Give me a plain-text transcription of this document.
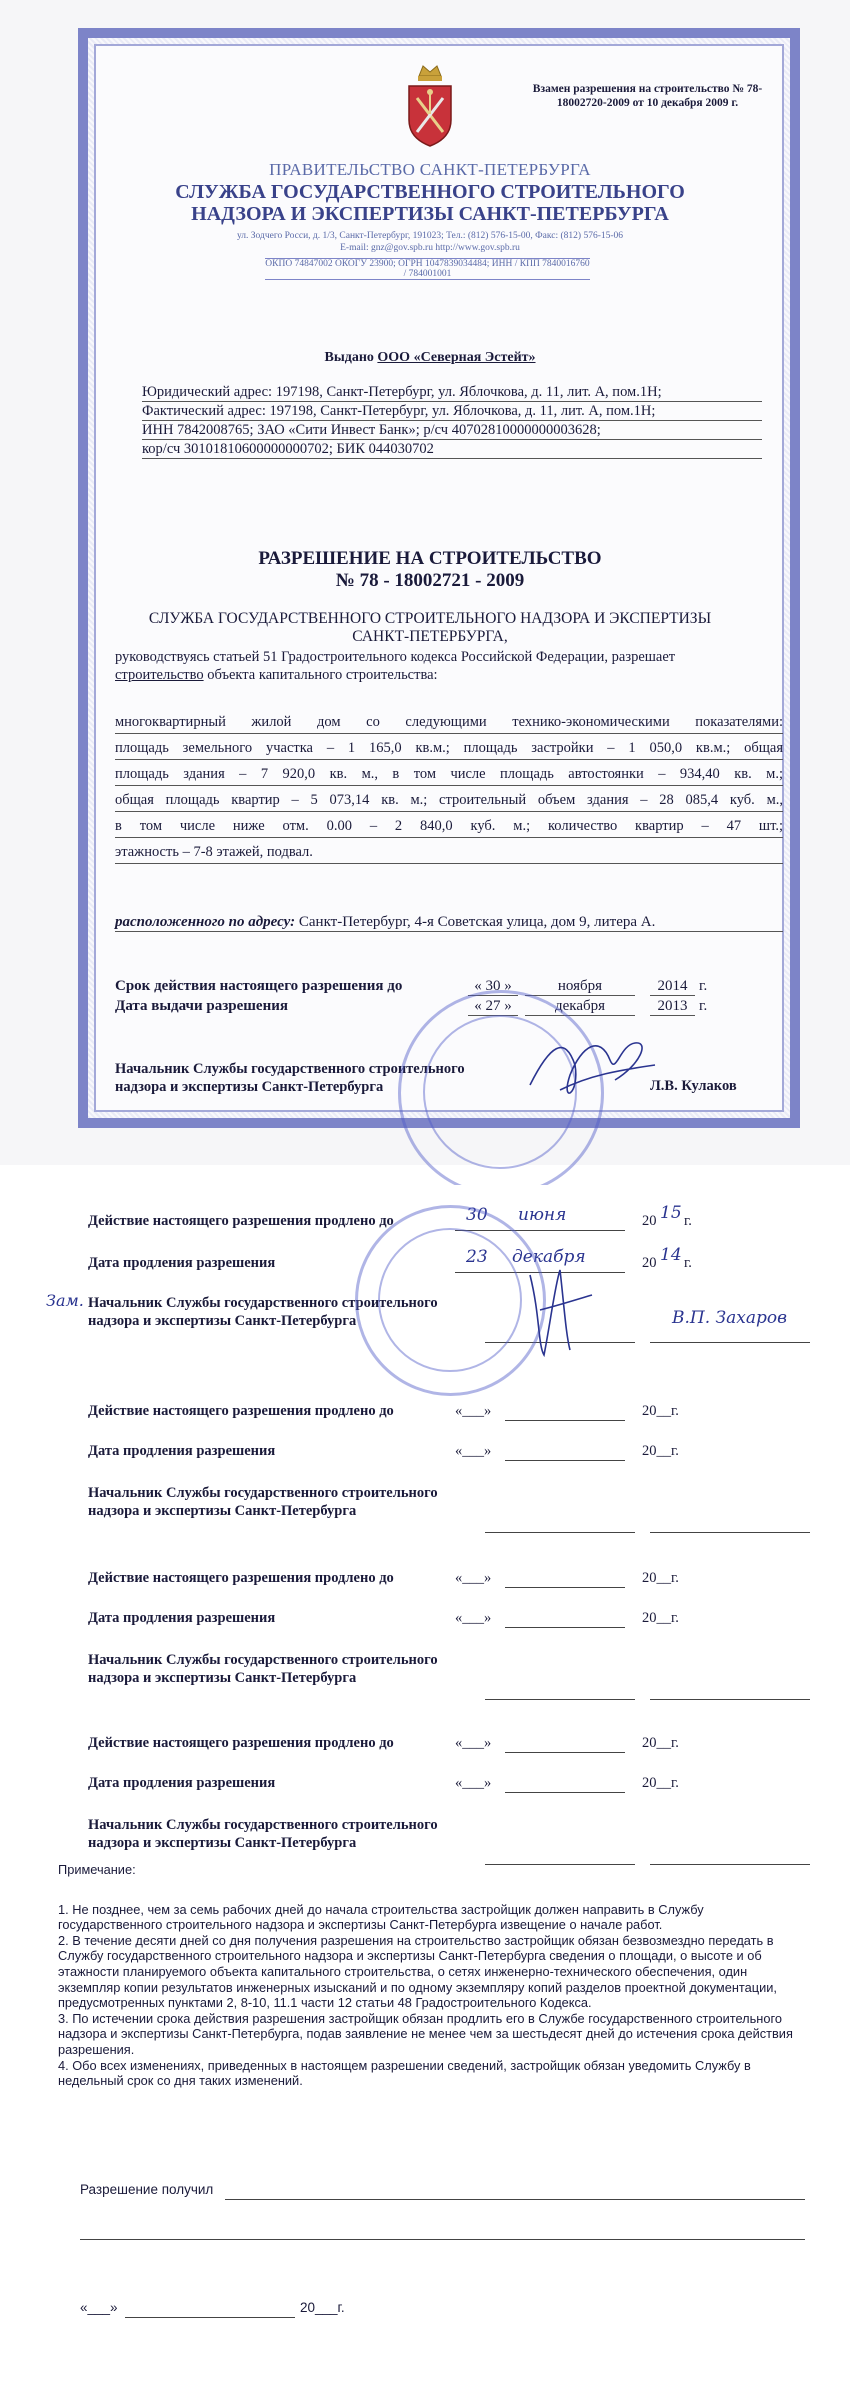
Взамен разрешения на строительство № 78-18002720-2009 от 10 декабря 2009 г.
ПРАВИТЕЛЬСТВО САНКТ-ПЕТЕРБУРГА
СЛУЖБА ГОСУДАРСТВЕННОГО СТРОИТЕЛЬНОГО
НАДЗОРА И ЭКСПЕРТИЗЫ САНКТ-ПЕТЕРБУРГА
ул. Зодчего Росси, д. 1/3, Санкт-Петербург, 191023; Тел.: (812) 576-15-00, Факс: (812) 576-15-06
E-mail: gnz@gov.spb.ru http://www.gov.spb.ru
ОКПО 74847002 ОКОГУ 23900; ОГРН 1047839034484; ИНН / КПП 7840016760 / 784001001
Выдано ООО «Северная Эстейт»
Юридический адрес: 197198, Санкт-Петербург, ул. Яблочкова, д. 11, лит. А, пом.1Н;
Фактический адрес: 197198, Санкт-Петербург, ул. Яблочкова, д. 11, лит. А, пом.1Н;
ИНН 7842008765; ЗАО «Сити Инвест Банк»; р/сч 40702810000000003628;
кор/сч 30101810600000000702; БИК 044030702
РАЗРЕШЕНИЕ НА СТРОИТЕЛЬСТВО
№ 78 - 18002721 - 2009
СЛУЖБА ГОСУДАРСТВЕННОГО СТРОИТЕЛЬНОГО НАДЗОРА И ЭКСПЕРТИЗЫ
САНКТ-ПЕТЕРБУРГА,
руководствуясь статьей 51 Градостроительного кодекса Российской Федерации, разрешает
строительство объекта капитального строительства:
многоквартирный жилой дом со следующими технико-экономическими показателями:
площадь земельного участка – 1 165,0 кв.м.; площадь застройки – 1 050,0 кв.м.; общая
площадь здания – 7 920,0 кв. м., в том числе площадь автостоянки – 934,40 кв. м.;
общая площадь квартир – 5 073,14 кв. м.; строительный объем здания – 28 085,4 куб. м.,
в том числе ниже отм. 0.00 – 2 840,0 куб. м.; количество квартир – 47 шт.;
этажность – 7-8 этажей, подвал.
расположенного по адресу: Санкт-Петербург, 4-я Советская улица, дом 9, литера А.
Срок действия настоящего разрешения до	« 30 »	ноября	2014 г.
Дата выдачи разрешения	« 27 »	декабря	2013 г.
Начальник Службы государственного строительного
надзора и экспертизы Санкт-Петербурга	Л.В. Кулаков
Действие настоящего разрешения продлено до	30 июня	20 15 г.
Дата продления разрешения	23 декабря	20 14 г.
Зам. Начальник Службы государственного строительного
надзора и экспертизы Санкт-Петербурга	В.П. Захаров
Действие настоящего разрешения продлено до	«___»	20__г.
Дата продления разрешения	«___»	20__г.
Начальник Службы государственного строительного
надзора и экспертизы Санкт-Петербурга
Действие настоящего разрешения продлено до	«___»	20__г.
Дата продления разрешения	«___»	20__г.
Начальник Службы государственного строительного
надзора и экспертизы Санкт-Петербурга
Действие настоящего разрешения продлено до	«___»	20__г.
Дата продления разрешения	«___»	20__г.
Начальник Службы государственного строительного
надзора и экспертизы Санкт-Петербурга

Примечание:

1. Не позднее, чем за семь рабочих дней до начала строительства застройщик должен направить в Службу государственного строительного надзора и экспертизы Санкт-Петербурга извещение о начале работ.

2. В течение десяти дней со дня получения разрешения на строительство застройщик обязан безвозмездно передать в Службу государственного строительного надзора и экспертизы Санкт-Петербурга сведения о площади, о высоте и об этажности планируемого объекта капитального строительства, о сетях инженерно-технического обеспечения, один экземпляр копии результатов инженерных изысканий и по одному экземпляру копий разделов проектной документации, предусмотренных пунктами 2, 8-10, 11.1 части 12 статьи 48 Градостроительного Кодекса.

3. По истечении срока действия разрешения застройщик обязан продлить его в Службе государственного строительного надзора и экспертизы Санкт-Петербурга, подав заявление не менее чем за шестьдесят дней до истечения срока действия разрешения.

4. Обо всех изменениях, приведенных в настоящем разрешении сведений, застройщик обязан уведомить Службу в недельный срок со дня таких изменений.

Разрешение получил
«___»	20___г.
